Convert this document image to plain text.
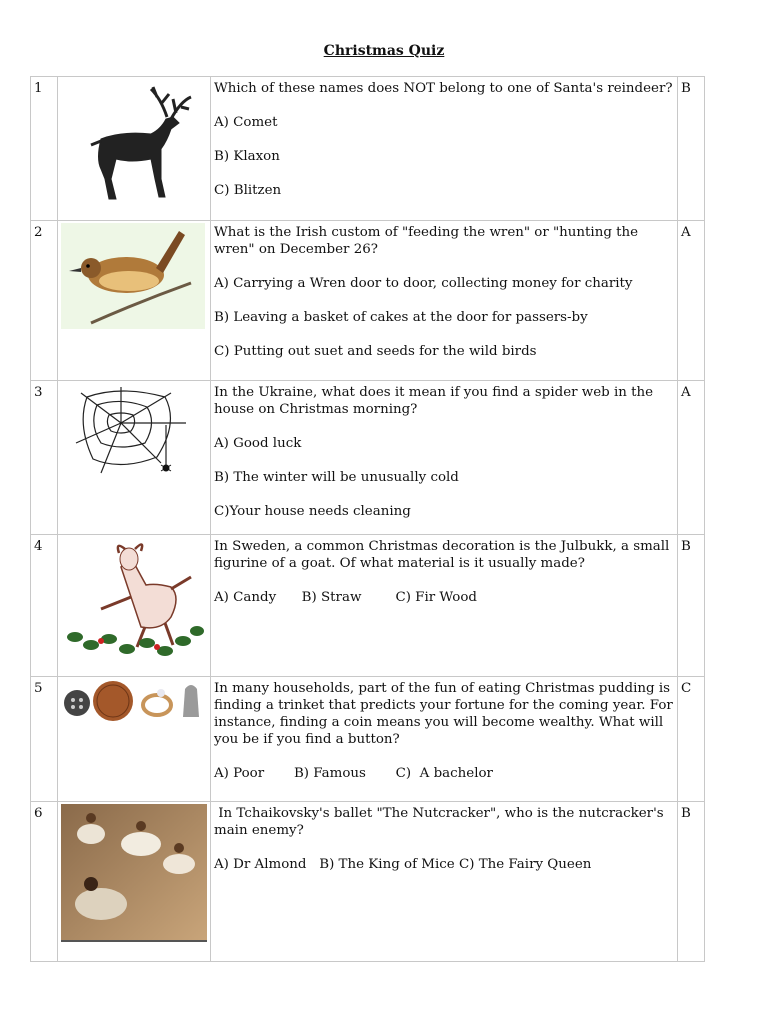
Christmas Quiz
1		Which of these names does NOT belong to one of Santa's reindeer?

A) Comet

B) Klaxon

C) Blitzen	B
2		What is the Irish custom of "feeding the wren" or "hunting the wren" on December 26?

A) Carrying a Wren door to door, collecting money for charity

B) Leaving a basket of cakes at the door for passers-by

C) Putting out suet and seeds for the wild birds	A
3		In the Ukraine, what does it mean if you find a spider web in the house on Christmas morning?

A) Good luck

B) The winter will be unusually cold

C)Your house needs cleaning	A
4		In Sweden, a common Christmas decoration is the Julbukk, a small figurine of a goat. Of what material is it usually made?

A) Candy      B) Straw        C) Fir Wood	B
5		In many households, part of the fun of eating Christmas pudding is finding a trinket that predicts your fortune for the coming year. For instance, finding a coin means you will become wealthy. What will you be if you find a button?

A) Poor       B) Famous       C)  A bachelor	C
6		In Tchaikovsky's ballet "The Nutcracker", who is the nutcracker's main enemy?

A) Dr Almond   B) The King of Mice C) The Fairy Queen	B
